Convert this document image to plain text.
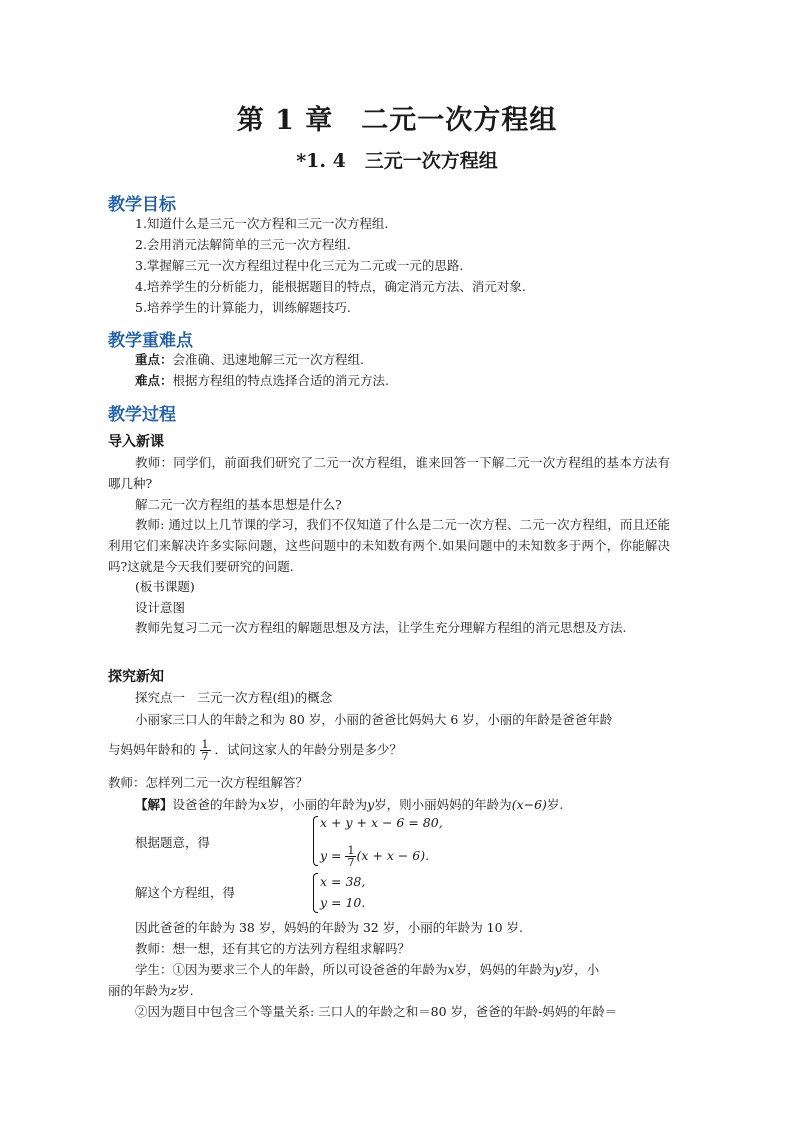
第 1 章　二元一次方程组
*1. 4　三元一次方程组
教学目标
1.知道什么是三元一次方程和三元一次方程组.
2.会用消元法解简单的三元一次方程组.
3.掌握解三元一次方程组过程中化三元为二元或一元的思路.
4.培养学生的分析能力，能根据题目的特点，确定消元方法、消元对象.
5.培养学生的计算能力，训练解题技巧.
教学重难点
重点：会准确、迅速地解三元一次方程组.
难点：根据方程组的特点选择合适的消元方法.
教学过程
导入新课
教师：同学们，前面我们研究了二元一次方程组，谁来回答一下解二元一次方程组的基本方法有哪几种?
解二元一次方程组的基本思想是什么?
教师: 通过以上几节课的学习，我们不仅知道了什么是二元一次方程、二元一次方程组，而且还能利用它们来解决许多实际问题，这些问题中的未知数有两个.如果问题中的未知数多于两个，你能解决吗?这就是今天我们要研究的问题.
(板书课题)
设计意图
教师先复习二元一次方程组的解题思想及方法，让学生充分理解方程组的消元思想及方法.
探究新知
探究点一　三元一次方程(组)的概念
小丽家三口人的年龄之和为 80 岁，小丽的爸爸比妈妈大 6 岁，小丽的年龄是爸爸年龄
与妈妈年龄和的 $\frac{1}{7}$ ．试问这家人的年龄分别是多少？
教师：怎样列二元一次方程组解答？
【解】设爸爸的年龄为x岁，小丽的年龄为y岁，则小丽妈妈的年龄为(x−6)岁.
根据题意，得
x + y + x − 6 = 80,
$y = \frac{1}{7} (x + x - 6)$.
解这个方程组，得
x = 38,
y = 10.
因此爸爸的年龄为 38 岁，妈妈的年龄为 32 岁，小丽的年龄为 10 岁.
教师：想一想，还有其它的方法列方程组求解吗？
学生：①因为要求三个人的年龄，所以可设爸爸的年龄为x岁，妈妈的年龄为y岁，小
丽的年龄为z岁.
②因为题目中包含三个等量关系: 三口人的年龄之和＝80 岁，爸爸的年龄-妈妈的年龄＝
